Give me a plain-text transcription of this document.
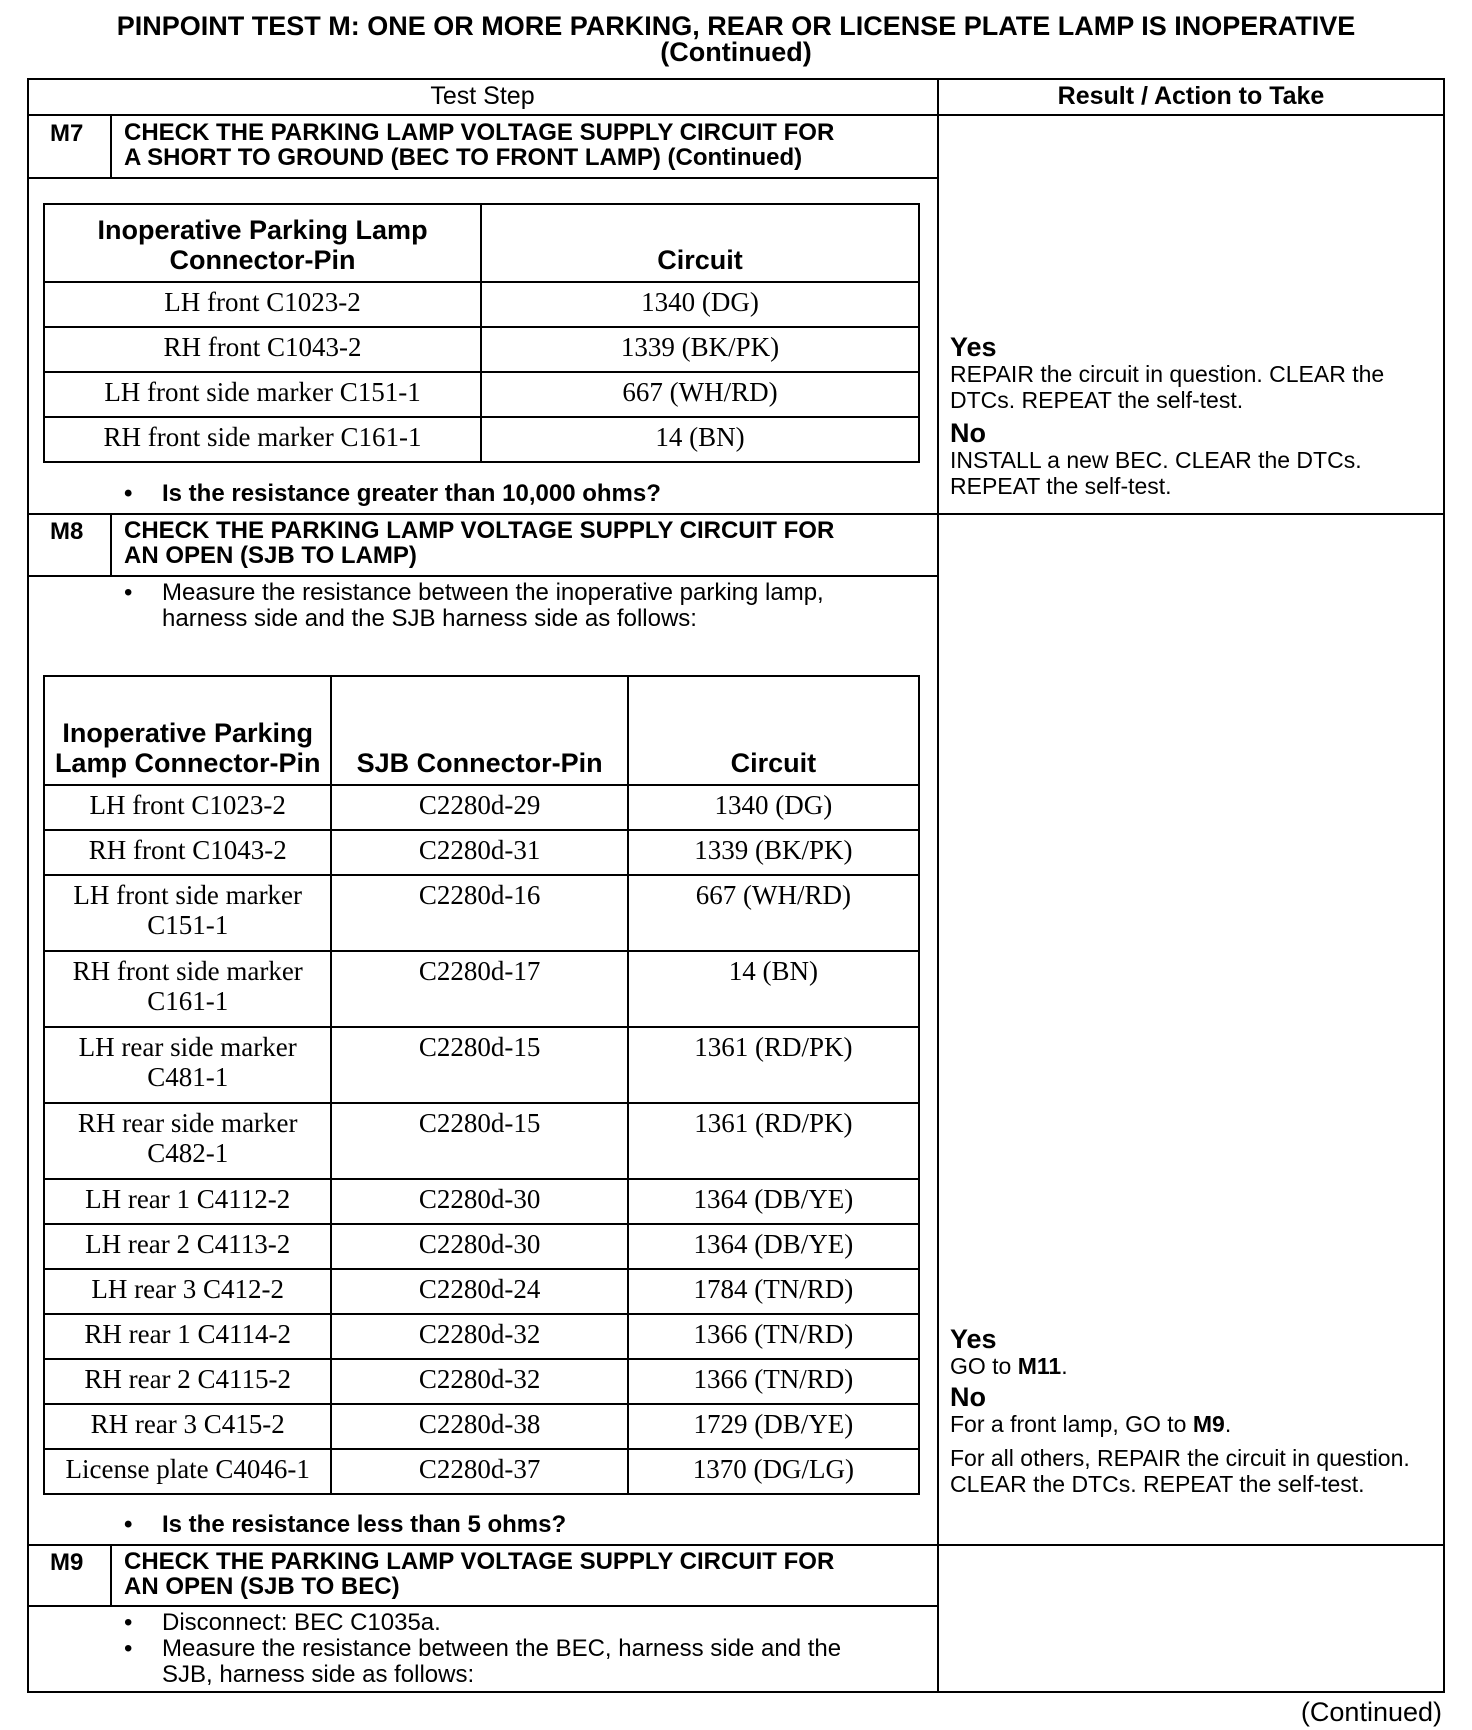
PINPOINT TEST M: ONE OR MORE PARKING, REAR OR LICENSE PLATE LAMP IS INOPERATIVE
(Continued)
Test Step	Result / Action to Take
M7 CHECK THE PARKING LAMP VOLTAGE SUPPLY CIRCUIT FOR
A SHORT TO GROUND (BEC TO FRONT LAMP) (Continued)
Inoperative Parking Lamp Connector-Pin	Circuit
LH front C1023-2	1340 (DG)
RH front C1043-2	1339 (BK/PK)
LH front side marker C151-1	667 (WH/RD)
RH front side marker C161-1	14 (BN)
• Is the resistance greater than 10,000 ohms?
Yes
REPAIR the circuit in question. CLEAR the DTCs. REPEAT the self-test.
No
INSTALL a new BEC. CLEAR the DTCs. REPEAT the self-test.
M8 CHECK THE PARKING LAMP VOLTAGE SUPPLY CIRCUIT FOR
AN OPEN (SJB TO LAMP)
• Measure the resistance between the inoperative parking lamp,
harness side and the SJB harness side as follows:
Inoperative Parking Lamp Connector-Pin	SJB Connector-Pin	Circuit
LH front C1023-2	C2280d-29	1340 (DG)
RH front C1043-2	C2280d-31	1339 (BK/PK)
LH front side marker C151-1	C2280d-16	667 (WH/RD)
RH front side marker C161-1	C2280d-17	14 (BN)
LH rear side marker C481-1	C2280d-15	1361 (RD/PK)
RH rear side marker C482-1	C2280d-15	1361 (RD/PK)
LH rear 1 C4112-2	C2280d-30	1364 (DB/YE)
LH rear 2 C4113-2	C2280d-30	1364 (DB/YE)
LH rear 3 C412-2	C2280d-24	1784 (TN/RD)
RH rear 1 C4114-2	C2280d-32	1366 (TN/RD)
RH rear 2 C4115-2	C2280d-32	1366 (TN/RD)
RH rear 3 C415-2	C2280d-38	1729 (DB/YE)
License plate C4046-1	C2280d-37	1370 (DG/LG)
• Is the resistance less than 5 ohms?
Yes
GO to M11.
No
For a front lamp, GO to M9.
For all others, REPAIR the circuit in question. CLEAR the DTCs. REPEAT the self-test.
M9 CHECK THE PARKING LAMP VOLTAGE SUPPLY CIRCUIT FOR
AN OPEN (SJB TO BEC)
• Disconnect: BEC C1035a.
• Measure the resistance between the BEC, harness side and the
SJB, harness side as follows:
(Continued)
